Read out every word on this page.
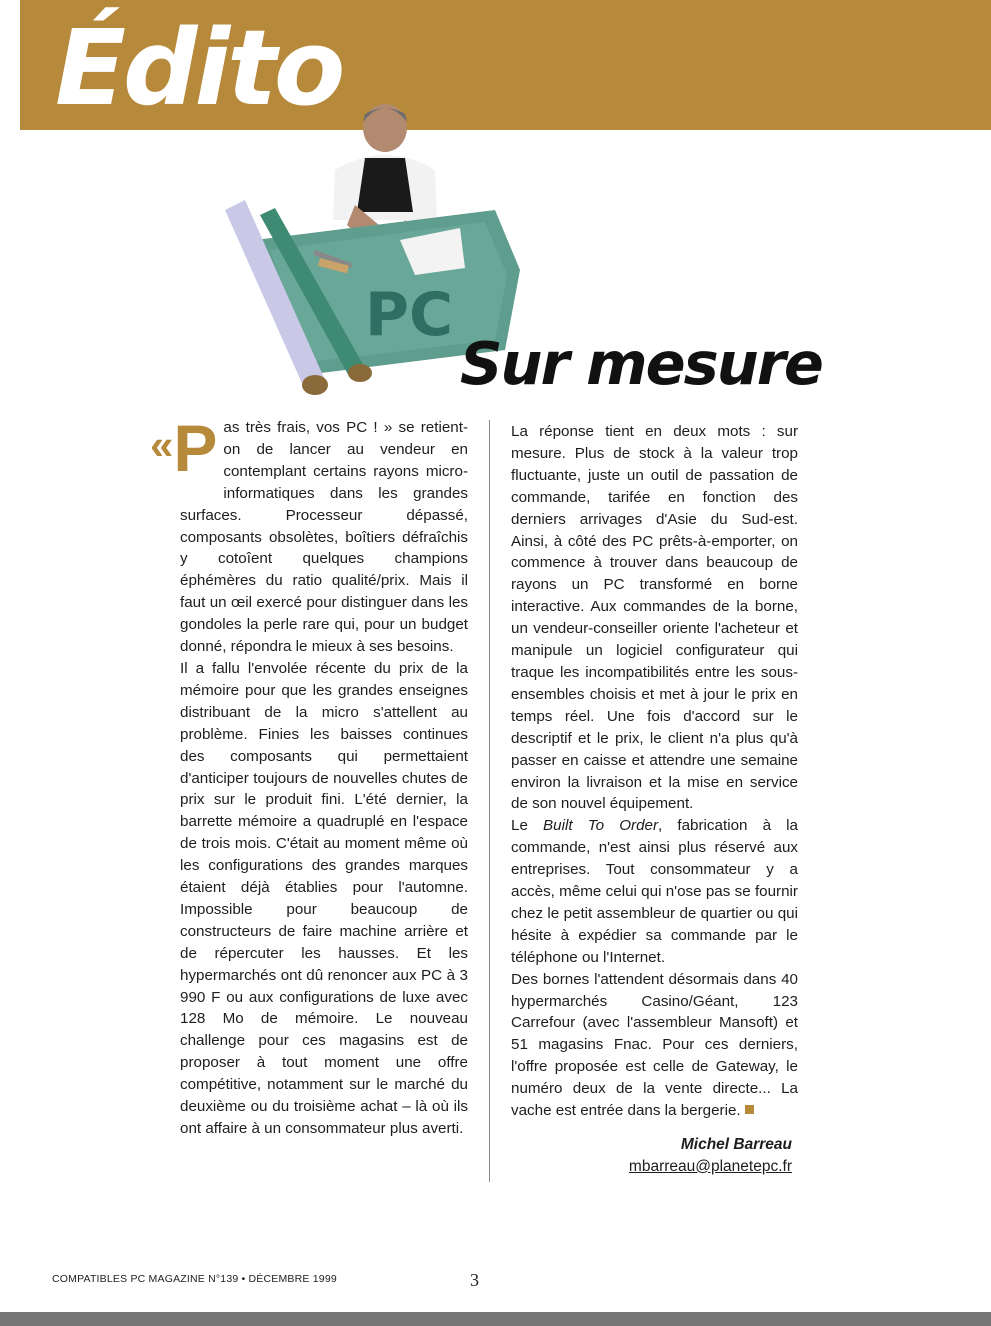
Édito
PC
Sur mesure

« P as très frais, vos PC ! » se retient-on de lancer au vendeur en contemplant certains rayons micro-informatiques dans les grandes surfaces. Processeur dépassé, composants obsolètes, boîtiers défraîchis y cotoîent quelques champions éphémères du ratio qualité/prix. Mais il faut un œil exercé pour distinguer dans les gondoles la perle rare qui, pour un budget donné, répondra le mieux à ses besoins.

Il a fallu l'envolée récente du prix de la mémoire pour que les grandes enseignes distribuant de la micro s'attellent au problème. Finies les baisses continues des composants qui permettaient d'anticiper toujours de nouvelles chutes de prix sur le produit fini. L'été dernier, la barrette mémoire a quadruplé en l'espace de trois mois. C'était au moment même où les configurations des grandes marques étaient déjà établies pour l'automne. Impossible pour beaucoup de constructeurs de faire machine arrière et de répercuter les hausses. Et les hypermarchés ont dû renoncer aux PC à 3 990 F ou aux configurations de luxe avec 128 Mo de mémoire. Le nouveau challenge pour ces magasins est de proposer à tout moment une offre compétitive, notamment sur le marché du deuxième ou du troisième achat – là où ils ont affaire à un consommateur plus averti.

La réponse tient en deux mots : sur mesure. Plus de stock à la valeur trop fluctuante, juste un outil de passation de commande, tarifée en fonction des derniers arrivages d'Asie du Sud-est. Ainsi, à côté des PC prêts-à-emporter, on commence à trouver dans beaucoup de rayons un PC transformé en borne interactive. Aux commandes de la borne, un vendeur-conseiller oriente l'acheteur et manipule un logiciel configurateur qui traque les incompatibilités entre les sous-ensembles choisis et met à jour le prix en temps réel. Une fois d'accord sur le descriptif et le prix, le client n'a plus qu'à passer en caisse et attendre une semaine environ la livraison et la mise en service de son nouvel équipement.

Le Built To Order, fabrication à la commande, n'est ainsi plus réservé aux entreprises. Tout consommateur y a accès, même celui qui n'ose pas se fournir chez le petit assembleur de quartier ou qui hésite à expédier sa commande par le téléphone ou l'Internet.

Des bornes l'attendent désormais dans 40 hypermarchés Casino/Géant, 123 Carrefour (avec l'assembleur Mansoft) et 51 magasins Fnac. Pour ces derniers, l'offre proposée est celle de Gateway, le numéro deux de la vente directe... La vache est entrée dans la bergerie.

Michel Barreau
mbarreau@planetepc.fr
COMPATIBLES PC MAGAZINE N°139 • DÉCEMBRE 1999	3
